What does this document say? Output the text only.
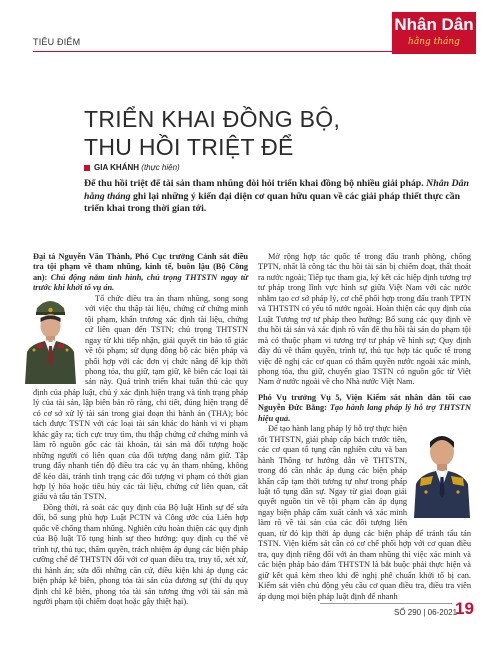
TIÊU ĐIỂM
Nhân Dân
hằng tháng
TRIỂN KHAI ĐỒNG BỘ,
THU HỒI TRIỆT ĐỂ
GIA KHÁNH (thực hiện)
Để thu hồi triệt để tài sản tham nhũng đòi hỏi triển khai đồng bộ nhiều giải pháp. Nhân Dân hằng tháng ghi lại những ý kiến đại diện cơ quan hữu quan về các giải pháp thiết thực cần triển khai trong thời gian tới.

Đại tá Nguyễn Văn Thành, Phó Cục trưởng Cảnh sát điều tra tội phạm về tham nhũng, kinh tế, buôn lậu (Bộ Công an): Chủ động nắm tình hình, chủ trọng THTSTN ngay từ trước khi khởi tố vụ án.

Tổ chức điều tra án tham nhũng, song song với việc thu thập tài liệu, chứng cứ chứng minh tội phạm, khẩn trương xác định tài liệu, chứng cứ liên quan đến TSTN; chủ trọng THTSTN ngay từ khi tiếp nhận, giải quyết tin báo tố giác về tội phạm; sử dụng đồng bộ các biện pháp và phối hợp với các đơn vị chức năng để kịp thời phong tỏa, thu giữ, tạm giữ, kê biên các loại tài sản này. Quá trình triển khai tuân thủ các quy định của pháp luật, chủ ý xác định hiện trạng và tình trạng pháp lý của tài sản, lập biên bản rõ ràng, chi tiết, đúng hiện trạng để có cơ sở xử lý tài sản trong giai đoạn thi hành án (THA); bóc tách được TSTN với các loại tài sản khác do hành vi vi phạm khác gây ra; tích cực truy tìm, thu thập chứng cứ chứng minh và làm rõ nguồn gốc các tài khoản, tài sản mà đối tượng hoặc những người có liên quan của đối tượng đang nắm giữ. Tập trung đẩy nhanh tiến độ điều tra các vụ án tham nhũng, không để kéo dài, tránh tình trạng các đối tượng vi phạm có thời gian hợp lý hóa hoặc tiêu hủy các tài liệu, chứng cứ liên quan, cất giấu và tẩu tán TSTN.

Đồng thời, rà soát các quy định của Bộ luật Hình sự để sửa đổi, bổ sung phù hợp Luật PCTN và Công ước của Liên hợp quốc về chống tham nhũng. Nghiên cứu hoàn thiện các quy định của Bộ luật Tố tụng hình sự theo hướng: quy định cụ thể về trình tự, thủ tục, thẩm quyền, trách nhiệm áp dụng các biện pháp cưỡng chế để THTSTN đối với cơ quan điều tra, truy tố, xét xử, thi hành án; sửa đổi những căn cứ, điều kiện khi áp dụng các biện pháp kê biên, phong tỏa tài sản của đương sự (thí dụ quy định chỉ kê biên, phong tỏa tài sản tương ứng với tài sản mà người phạm tội chiếm đoạt hoặc gây thiệt hại).

Mở rộng hợp tác quốc tế trong đấu tranh phòng, chống TPTN, nhất là công tác thu hồi tài sản bị chiếm đoạt, thất thoát ra nước ngoài; Tiếp tục tham gia, ký kết các hiệp định tương trợ tư pháp trong lĩnh vực hình sự giữa Việt Nam với các nước nhằm tạo cơ sở pháp lý, cơ chế phối hợp trong đấu tranh TPTN và THTSTN có yếu tố nước ngoài. Hoàn thiện các quy định của Luật Tương trợ tư pháp theo hướng: Bổ sung các quy định về thu hồi tài sản và xác định rõ vấn đề thu hồi tài sản do phạm tội mà có thuộc phạm vi tương trợ tư pháp về hình sự; Quy định đầy đủ về thẩm quyền, trình tự, thủ tục hợp tác quốc tế trong việc đề nghị các cơ quan có thẩm quyền nước ngoài xác minh, phong tỏa, thu giữ, chuyển giao TSTN có nguồn gốc từ Việt Nam ở nước ngoài về cho Nhà nước Việt Nam.

Phó Vụ trưởng Vụ 5, Viện Kiểm sát nhân dân tối cao Nguyễn Đức Bằng: Tạo hành lang pháp lý hỗ trợ THTSTN hiệu quả.

Để tạo hành lang pháp lý hỗ trợ thực hiện tốt THTSTN, giải pháp cấp bách trước tiên, các cơ quan tổ tụng cần nghiên cứu và ban hành Thông tư hướng dẫn về THTSTN, trong đó cần nhắc áp dụng các biện pháp khẩn cấp tạm thời tương tự như trong pháp luật tố tụng dân sự. Ngay từ giai đoạn giải quyết nguồn tin về tội phạm cần áp dụng ngay biện pháp cấm xuất cảnh và xác minh làm rõ về tài sản của các đối tượng liên quan, từ đó kịp thời áp dụng các biện pháp để tránh tẩu tán TSTN. Viện kiểm sát cần có cơ chế phối hợp với cơ quan điều tra, quy định riêng đối với án tham nhũng thì việc xác minh và các biện pháp bảo đảm THTSTN là bắt buộc phải thực hiện và giữ kết quả kèm theo khi đề nghị phê chuẩn khởi tố bị can. Kiểm sát viên chủ động yêu cầu cơ quan điều tra, điều tra viên áp dụng mọi biện pháp luật định để nhanh

SỐ 290 | 06-2021
19
